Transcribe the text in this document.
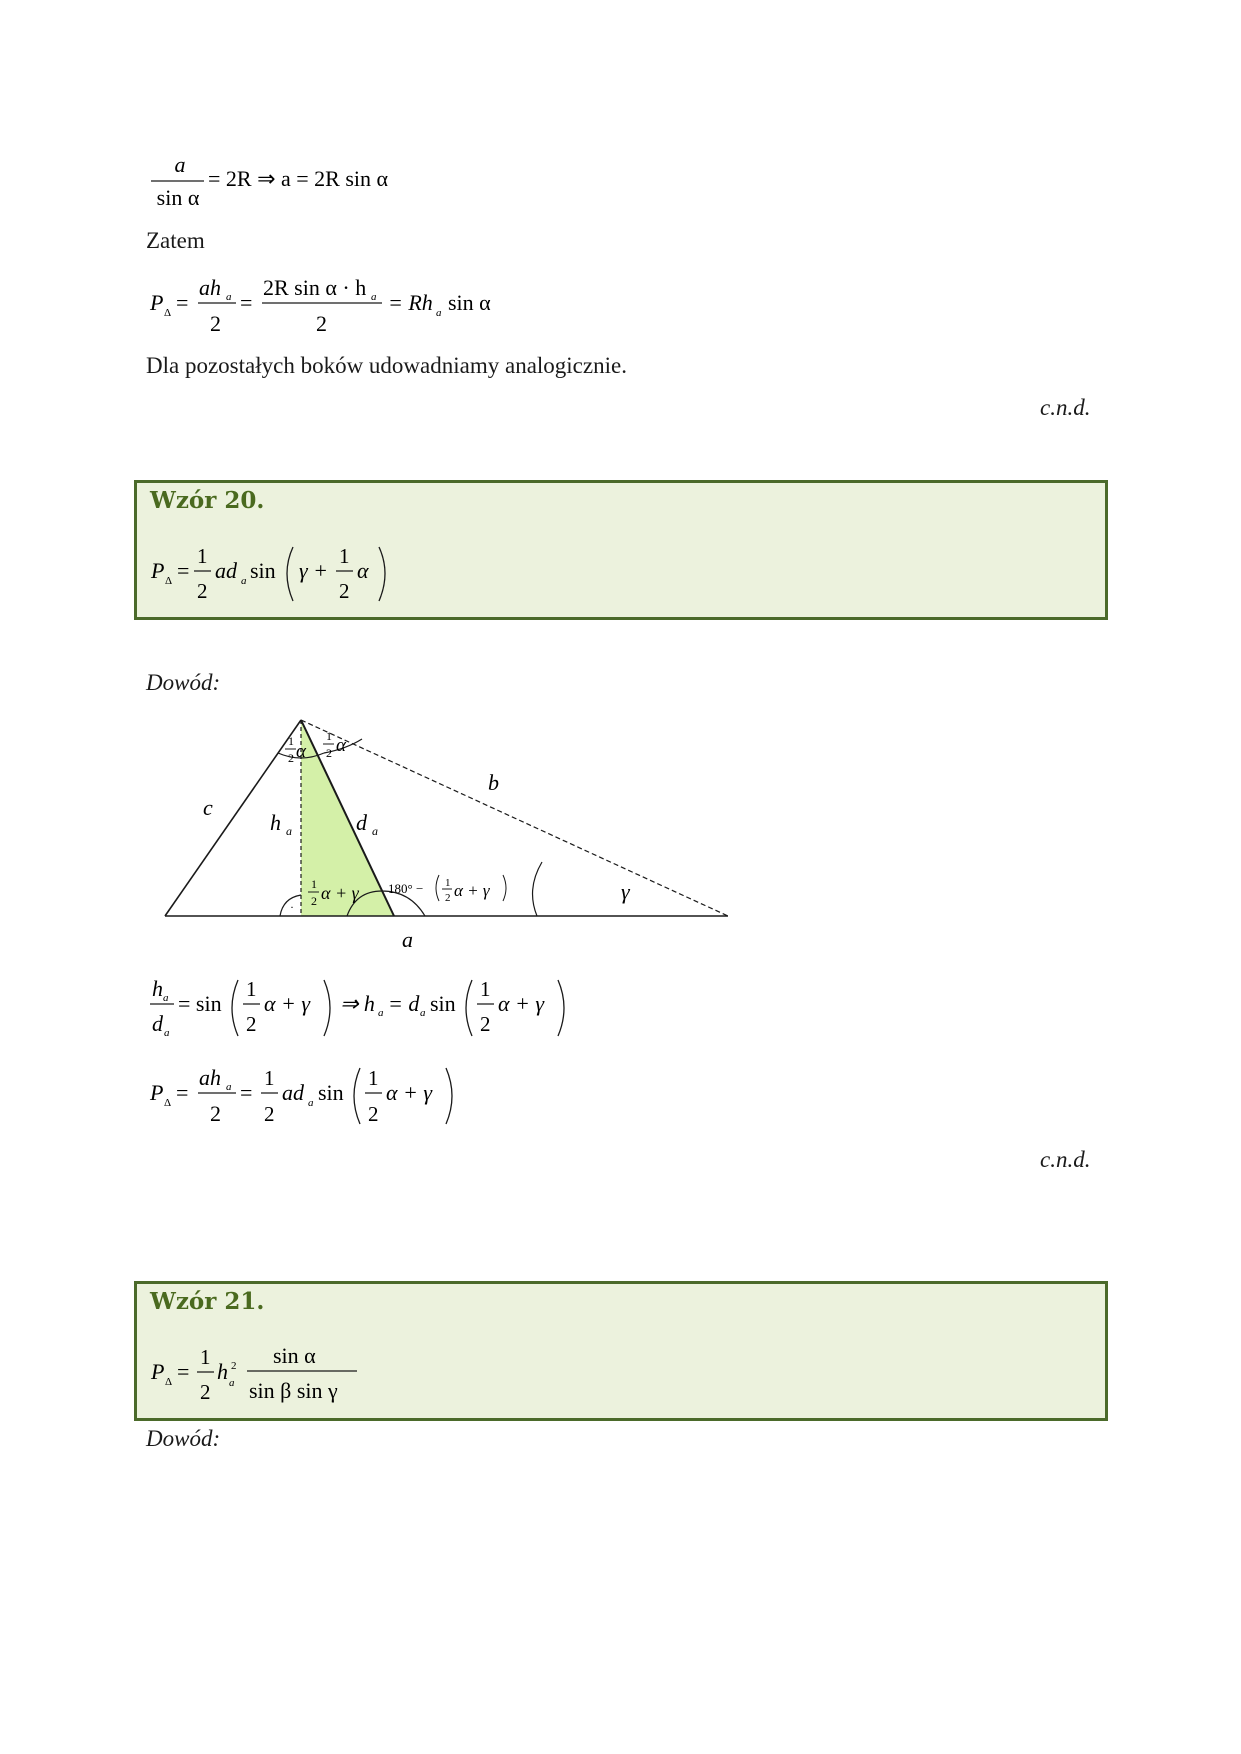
a
sin α
= 2R ⇒ a = 2R sin α
Zatem
P Δ =
ah a
2
=
2R sin α · h a
2
= Rh a sin α
Dla pozostałych boków udowadniamy analogicznie.
c.n.d.
Wzór 20.
P Δ =
1
2
ad a sin γ +
1
2
α
Dowód:
·
c
b
a
h a	d a
1
2 α
1
2 α
1
2 α + γ 180° − 1
2 α + γ	γ
h a
d a
= sin
1
2
α + γ ⇒ h a = d a sin
1
2
α + γ
P Δ =
ah a
2
=
1
2
ad a sin
1
2
α + γ
c.n.d.
Wzór 21.
P Δ =
1
2
h 2
a
sin α
sin β sin γ
Dowód:
